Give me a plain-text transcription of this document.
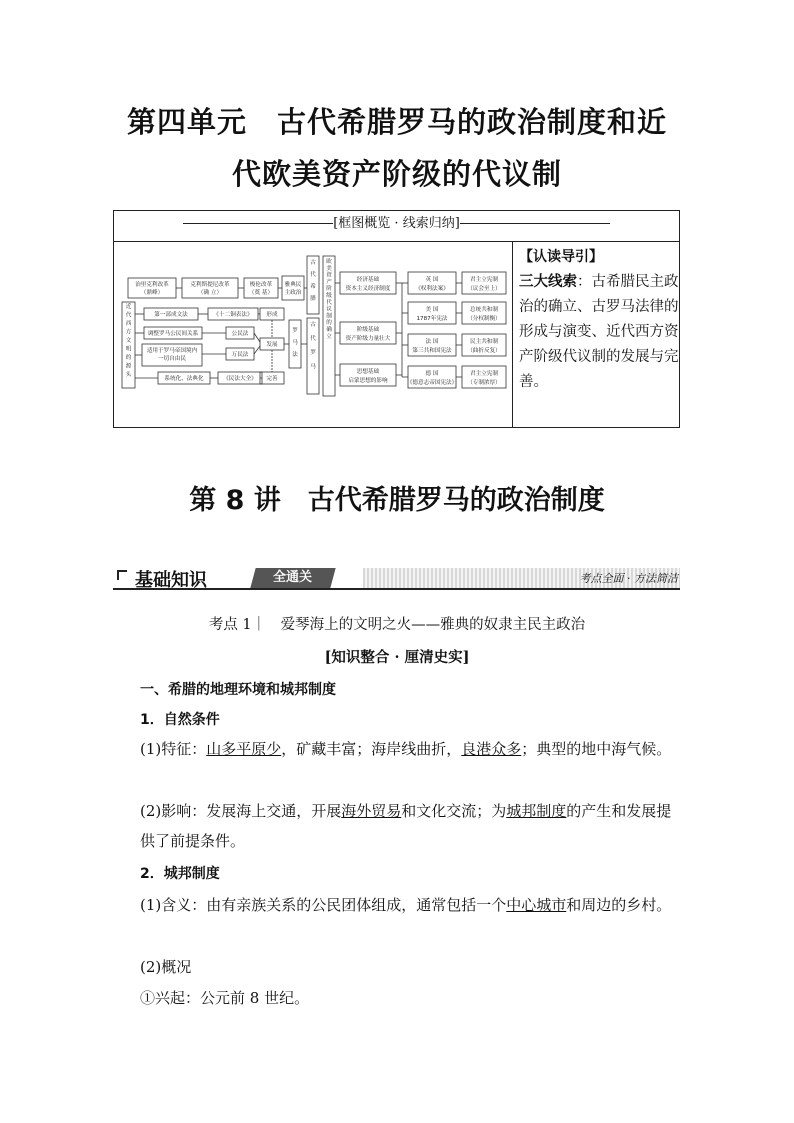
第四单元　古代希腊罗马的政治制度和近
代欧美资产阶级的代议制
[框图概览 · 线索归纳]
近代西方文明的源头
治里克利改革
（鼎峰）
克利斯提尼改革
（确 立）
梭伦改革
（奠 基）
雅典民主政治
古代希腊
第一部成文法
调整罗马公民间关系
适用于罗马帝国境内一切自由民
系统化、法典化
《十二铜表法》
公民法
万民法
《民法大全》
形成
发展
完善
罗马法
古代罗马
欧美资产阶级代议制的确立
经济基础
资本主义经济制度
阶级基础
资产阶级力量壮大
思想基础
启蒙思想的影响
英 国
《权利法案》
美 国
1787年宪法
法 国
第三共和国宪法
德 国
《德意志帝国宪法》
君主立宪制
（议会至上）
总统共和制
（分权制衡）
民主共和制
（曲折反复）
君主立宪制
（专制浓厚）
【认读导引】
三大线索：古希腊民主政治的确立、古罗马法律的形成与演变、近代西方资产阶级代议制的发展与完善。
第 8 讲　古代希腊罗马的政治制度
基础知识	全通关	考点全面 · 方法简洁
考点 1｜　 爱琴海上的文明之火——雅典的奴隶主民主政治
[知识整合 · 厘清史实]
一、希腊的地理环境和城邦制度
1．自然条件
(1)特征：山多平原少，矿藏丰富；海岸线曲折，良港众多；典型的地中海气候。
(2)影响：发展海上交通，开展海外贸易和文化交流；为城邦制度的产生和发展提供了前提条件。
2．城邦制度
(1)含义：由有亲族关系的公民团体组成，通常包括一个中心城市和周边的乡村。
(2)概况
①兴起：公元前 8 世纪。
